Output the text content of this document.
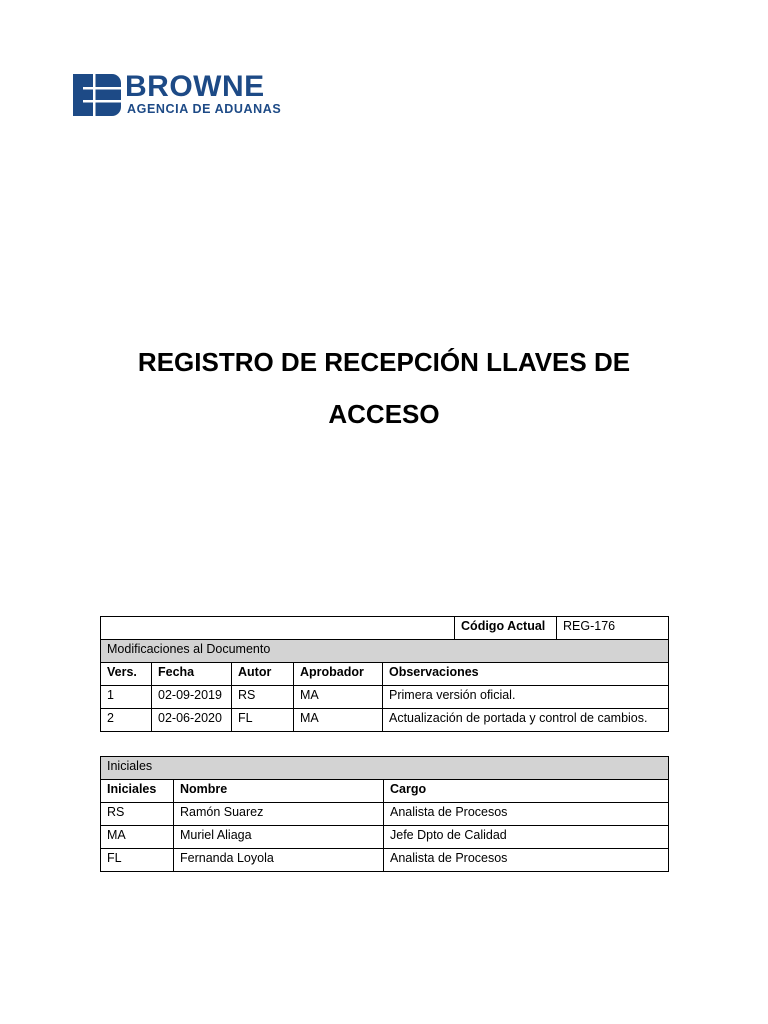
BROWNE
AGENCIA DE ADUANAS
REGISTRO DE RECEPCIÓN LLAVES DE
ACCESO
					Código Actual	REG-176
Modificaciones al Documento						
Vers.	Fecha	Autor	Aprobador	Observaciones		
1	02-09-2019	RS	MA	Primera versión oficial.		
2	02-06-2020	FL	MA	Actualización de portada y control de cambios.		
Iniciales		
Iniciales	Nombre	Cargo
RS	Ramón Suarez	Analista de Procesos
MA	Muriel Aliaga	Jefe Dpto de Calidad
FL	Fernanda Loyola	Analista de Procesos
